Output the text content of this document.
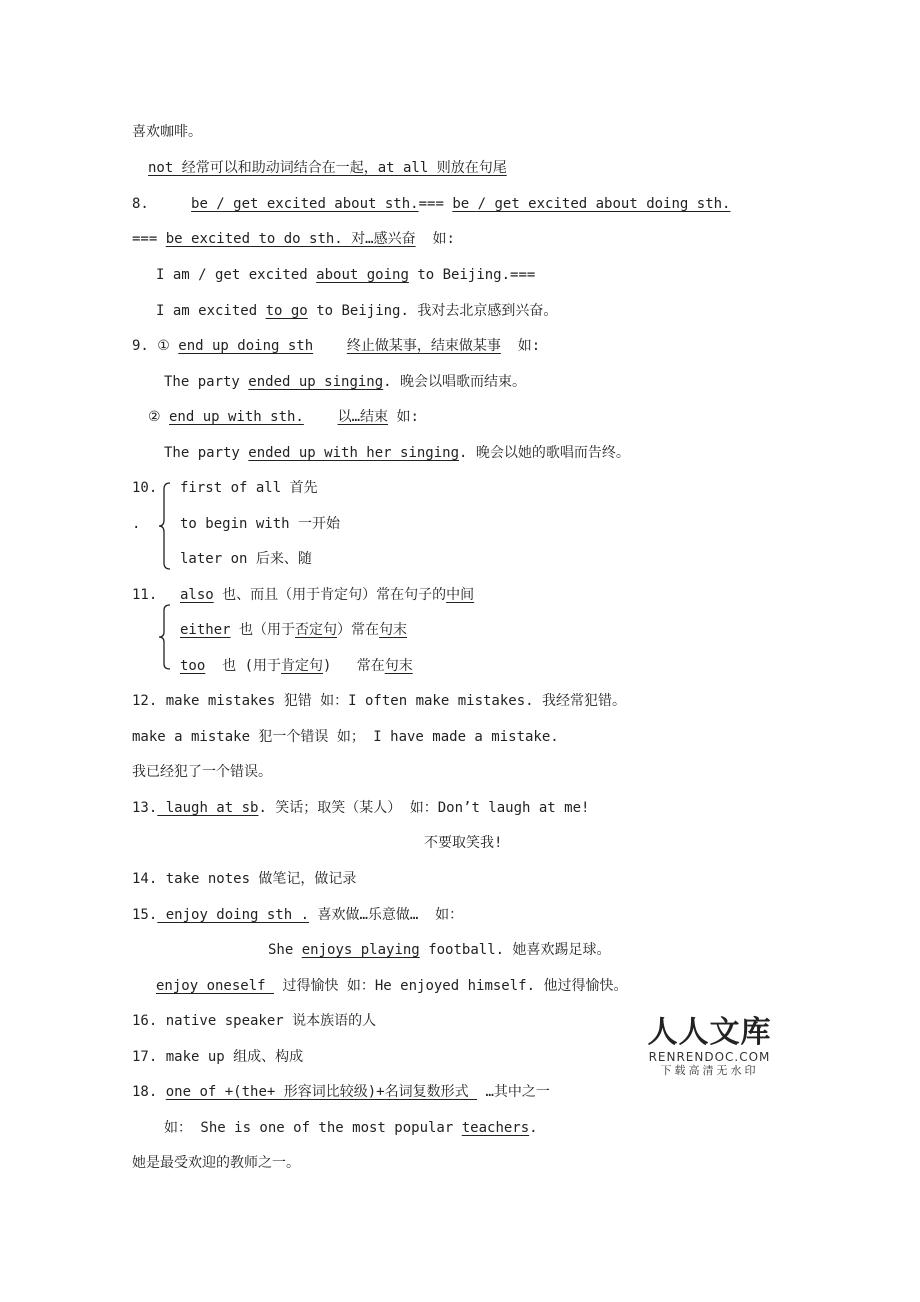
喜欢咖啡。
not 经常可以和助动词结合在一起，at all 则放在句尾
8.	be / get excited about sth.=== be / get excited about doing sth.
=== be excited to do sth. 对…感兴奋 如:
I am / get excited about going to Beijing.===
I am excited to go to Beijing. 我对去北京感到兴奋。
9. ① end up doing sth 终止做某事，结束做某事 如:
The party ended up singing. 晚会以唱歌而结束。
② end up with sth. 以…结束 如:
The party ended up with her singing. 晚会以她的歌唱而告终。
10. first of all 首先
.	to begin with 一开始
later on 后来、随
11. also 也、而且（用于肯定句）常在句子的中间
either 也（用于否定句）常在句末
too 也 (用于肯定句)   常在句末
12. make mistakes 犯错 如：I often make mistakes. 我经常犯错。
make a mistake 犯一个错误 如； I have made a mistake.
我已经犯了一个错误。
13. laugh at sb. 笑话；取笑（某人） 如：Don’t laugh at me!
不要取笑我!
14. take notes 做笔记，做记录
15. enjoy doing sth . 喜欢做…乐意做…  如：
She enjoys playing football. 她喜欢踢足球。
enjoy oneself  过得愉快 如：He enjoyed himself. 他过得愉快。
16. native speaker 说本族语的人
17. make up 组成、构成
18. one of +(the+ 形容词比较级)+名词复数形式  …其中之一
如： She is one of the most popular teachers.
她是最受欢迎的教师之一。
人人文库
RENRENDOC.COM
下载高清无水印
